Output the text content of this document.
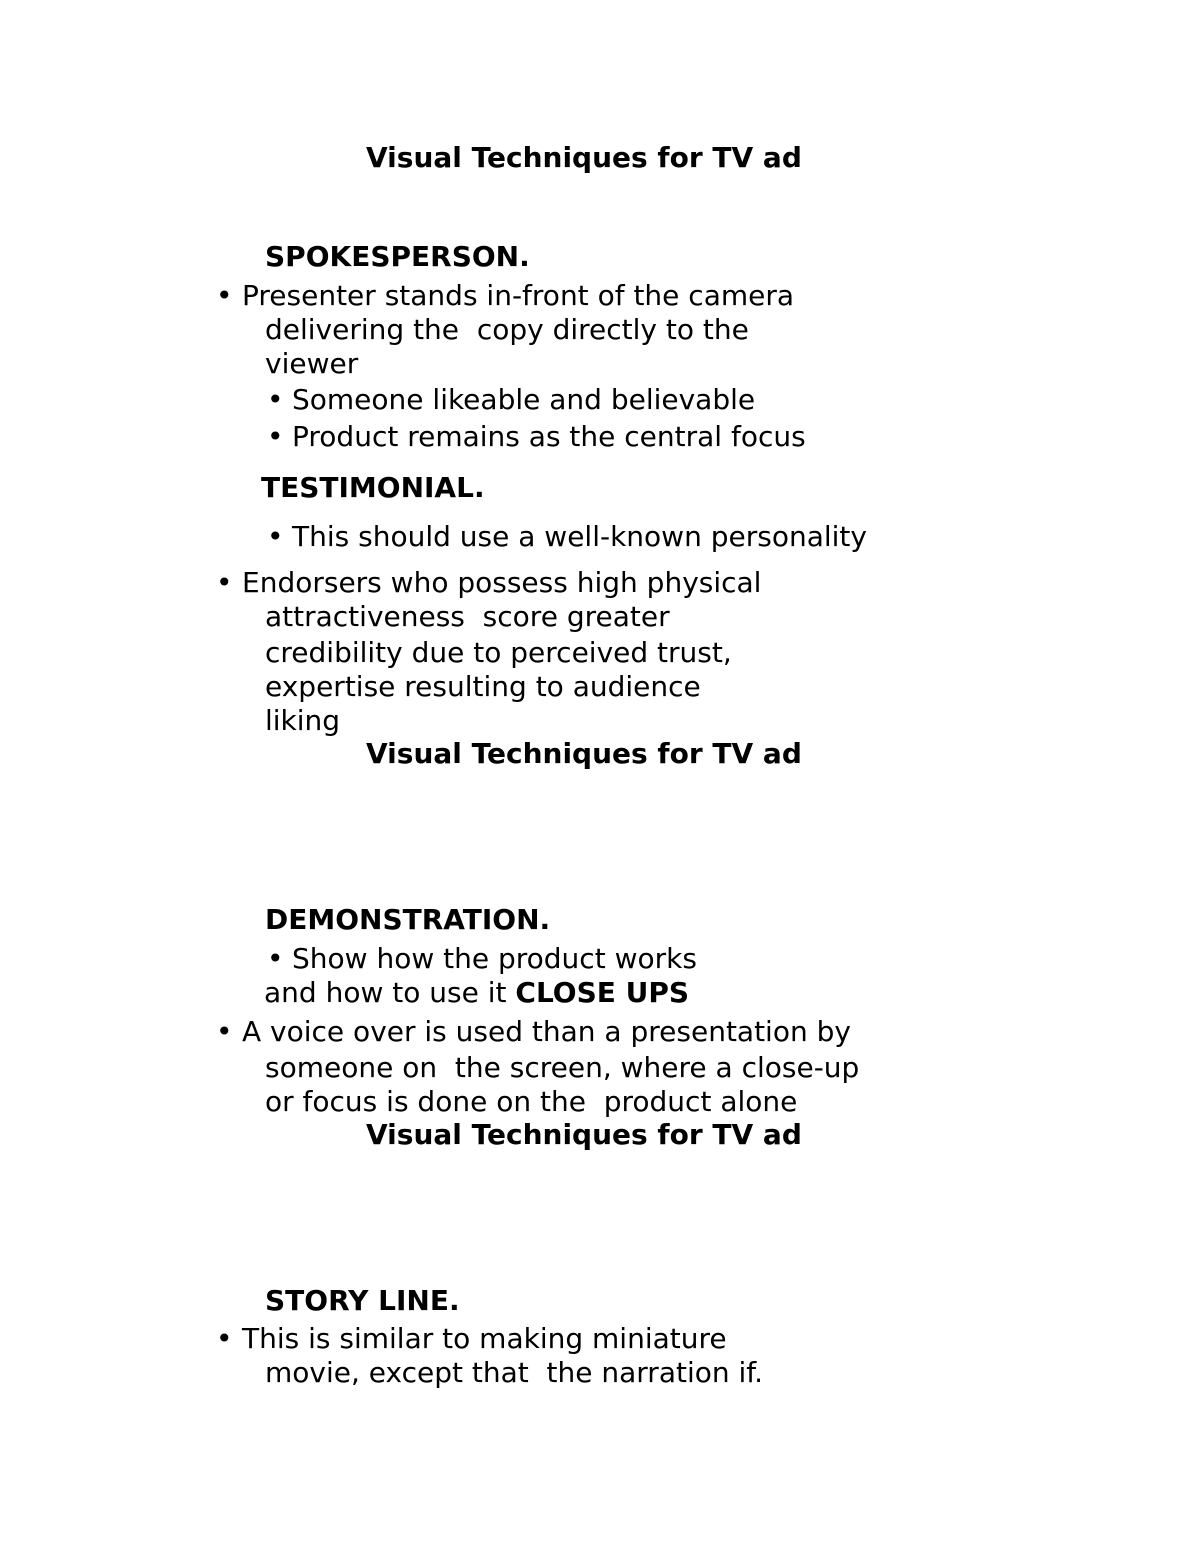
Visual Techniques for TV ad
SPOKESPERSON.
• Presenter stands in-front of the camera
delivering the  copy directly to the
viewer
• Someone likeable and believable
• Product remains as the central focus
TESTIMONIAL.
• This should use a well-known personality
• Endorsers who possess high physical
attractiveness  score greater
credibility due to perceived trust,
expertise resulting to audience
liking
Visual Techniques for TV ad
DEMONSTRATION.
• Show how the product works
and how to use it CLOSE UPS
• A voice over is used than a presentation by
someone on  the screen, where a close-up
or focus is done on the  product alone
Visual Techniques for TV ad
STORY LINE.
• This is similar to making miniature
movie, except that  the narration if.
